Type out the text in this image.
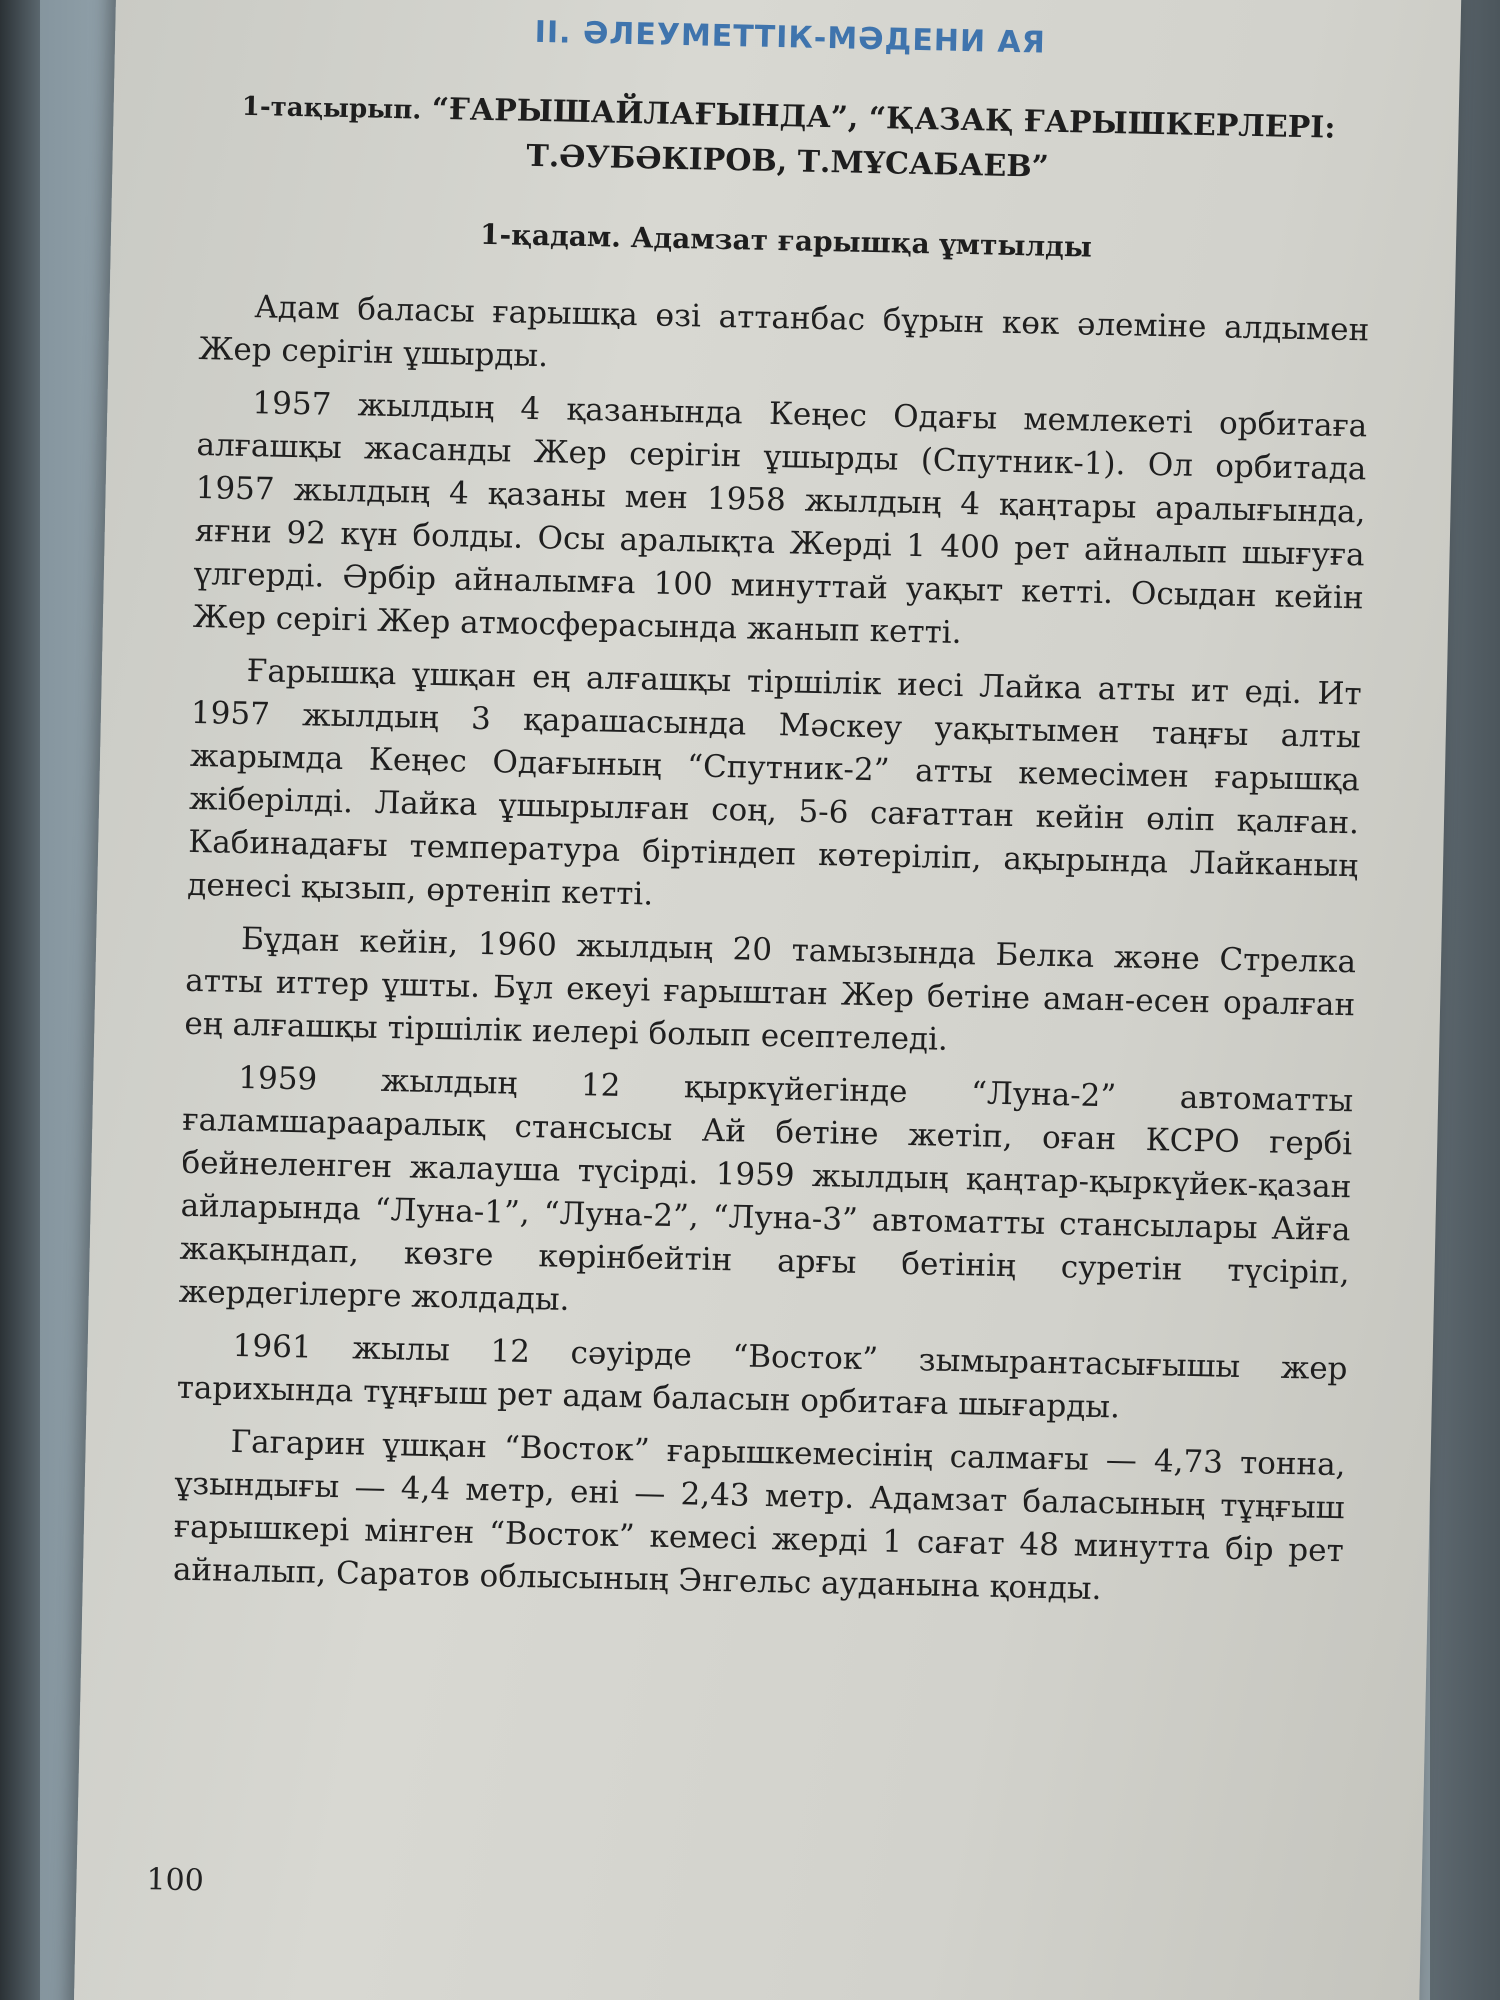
II. ӘЛЕУМЕТТІК-МӘДЕНИ АЯ
1-тақырып. “ҒАРЫШАЙЛАҒЫНДА”, “ҚАЗАҚ ҒАРЫШКЕРЛЕРІ: Т.ӘУБӘКІРОВ, Т.МҰСАБАЕВ”
1-қадам. Адамзат ғарышқа ұмтылды

Адам баласы ғарышқа өзі аттанбас бұрын көк әлеміне алдымен Жер серігін ұшырды.

1957 жылдың 4 қазанында Кеңес Одағы мемлекеті орбитаға алғашқы жасанды Жер серігін ұшырды (Спутник-1). Ол орбитада 1957 жылдың 4 қазаны мен 1958 жылдың 4 қаңтары аралығында, яғни 92 күн болды. Осы аралықта Жерді 1 400 рет айналып шығуға үлгерді. Әрбір айналымға 100 минуттай уақыт кетті. Осыдан кейін Жер серігі Жер атмосферасында жанып кетті.

Ғарышқа ұшқан ең алғашқы тіршілік иесі Лайка атты ит еді. Ит 1957 жылдың 3 қарашасында Мәскеу уақытымен таңғы алты жарымда Кеңес Одағының “Спутник-2” атты кемесімен ғарышқа жіберілді. Лайка ұшырылған соң, 5-6 сағаттан кейін өліп қалған. Кабинадағы температура біртіндеп көтеріліп, ақырында Лайканың денесі қызып, өртеніп кетті.

Бұдан кейін, 1960 жылдың 20 тамызында Белка және Стрелка атты иттер ұшты. Бұл екеуі ғарыштан Жер бетіне аман-есен оралған ең алғашқы тіршілік иелері болып есептеледі.

1959 жылдың 12 қыркүйегінде “Луна-2” автоматты ғаламшарааралық стансысы Ай бетіне жетіп, оған КСРО гербі бейнеленген жалауша түсірді. 1959 жылдың қаңтар-қыркүйек-қазан айларында “Луна-1”, “Луна-2”, “Луна-3” автоматты стансылары Айға жақындап, көзге көрінбейтін арғы бетінің суретін түсіріп, жердегілерге жолдады.

1961 жылы 12 сәуірде “Восток” зымырантасығышы жер тарихында тұңғыш рет адам баласын орбитаға шығарды.

Гагарин ұшқан “Восток” ғарышкемесінің салмағы — 4,73 тонна, ұзындығы — 4,4 метр, ені — 2,43 метр. Адамзат баласының тұңғыш ғарышкері мінген “Восток” кемесі жерді 1 сағат 48 минутта бір рет айналып, Саратов облысының Энгельс ауданына қонды.

100
